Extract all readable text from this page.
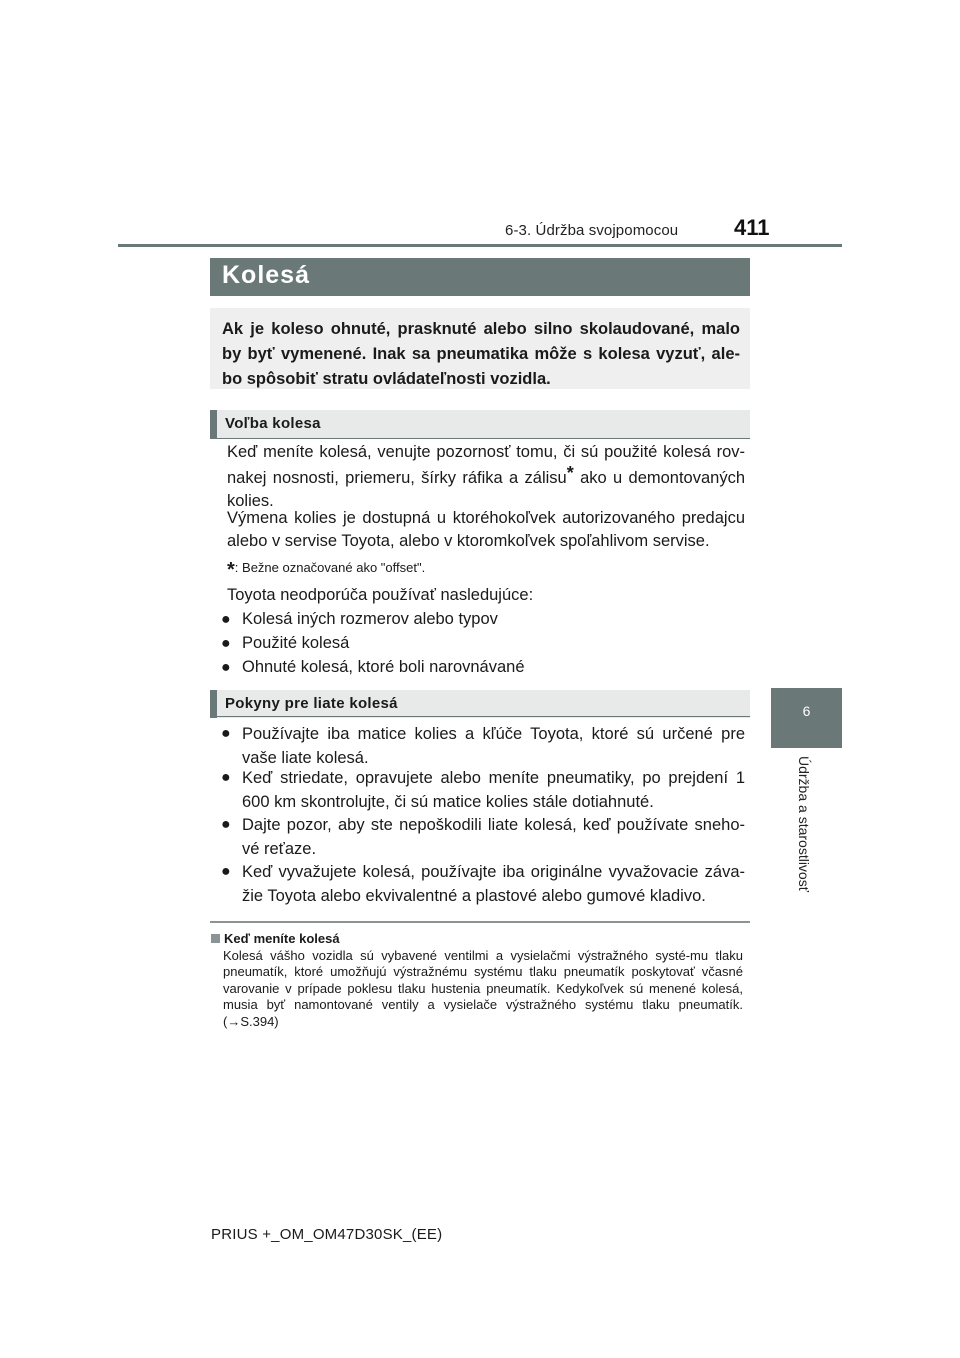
6-3. Údržba svojpomocou	411
6
Údržba a starostlivosť
Kolesá
Ak je koleso ohnuté, prasknuté alebo silno skolaudované, malo by byť vymenené. Inak sa pneumatika môže s kolesa vyzuť, ale-bo spôsobiť stratu ovládateľnosti vozidla.
Voľba kolesa
Keď meníte kolesá, venujte pozornosť tomu, či sú použité kolesá rov-nakej nosnosti, priemeru, šírky ráfika a zálisu* ako u demontovaných kolies.
Výmena kolies je dostupná u ktoréhokoľvek autorizovaného predajcu alebo v servise Toyota, alebo v ktoromkoľvek spoľahlivom servise.
*: Bežne označované ako "offset".
Toyota neodporúča používať nasledujúce:
● Kolesá iných rozmerov alebo typov
● Použité kolesá
● Ohnuté kolesá, ktoré boli narovnávané
Pokyny pre liate kolesá
● Používajte iba matice kolies a kľúče Toyota, ktoré sú určené pre vaše liate kolesá.
● Keď striedate, opravujete alebo meníte pneumatiky, po prejdení 1 600 km skontrolujte, či sú matice kolies stále dotiahnuté.
● Dajte pozor, aby ste nepoškodili liate kolesá, keď používate sneho-vé reťaze.
● Keď vyvažujete kolesá, používajte iba originálne vyvažovacie záva-žie Toyota alebo ekvivalentné a plastové alebo gumové kladivo.
Keď meníte kolesá
Kolesá vášho vozidla sú vybavené ventilmi a vysielačmi výstražného systé-mu tlaku pneumatík, ktoré umožňujú výstražnému systému tlaku pneumatík poskytovať včasné varovanie v prípade poklesu tlaku hustenia pneumatík. Kedykoľvek sú menené kolesá, musia byť namontované ventily a vysielače výstražného systému tlaku pneumatík. (→S.394)
PRIUS +_OM_OM47D30SK_(EE)
